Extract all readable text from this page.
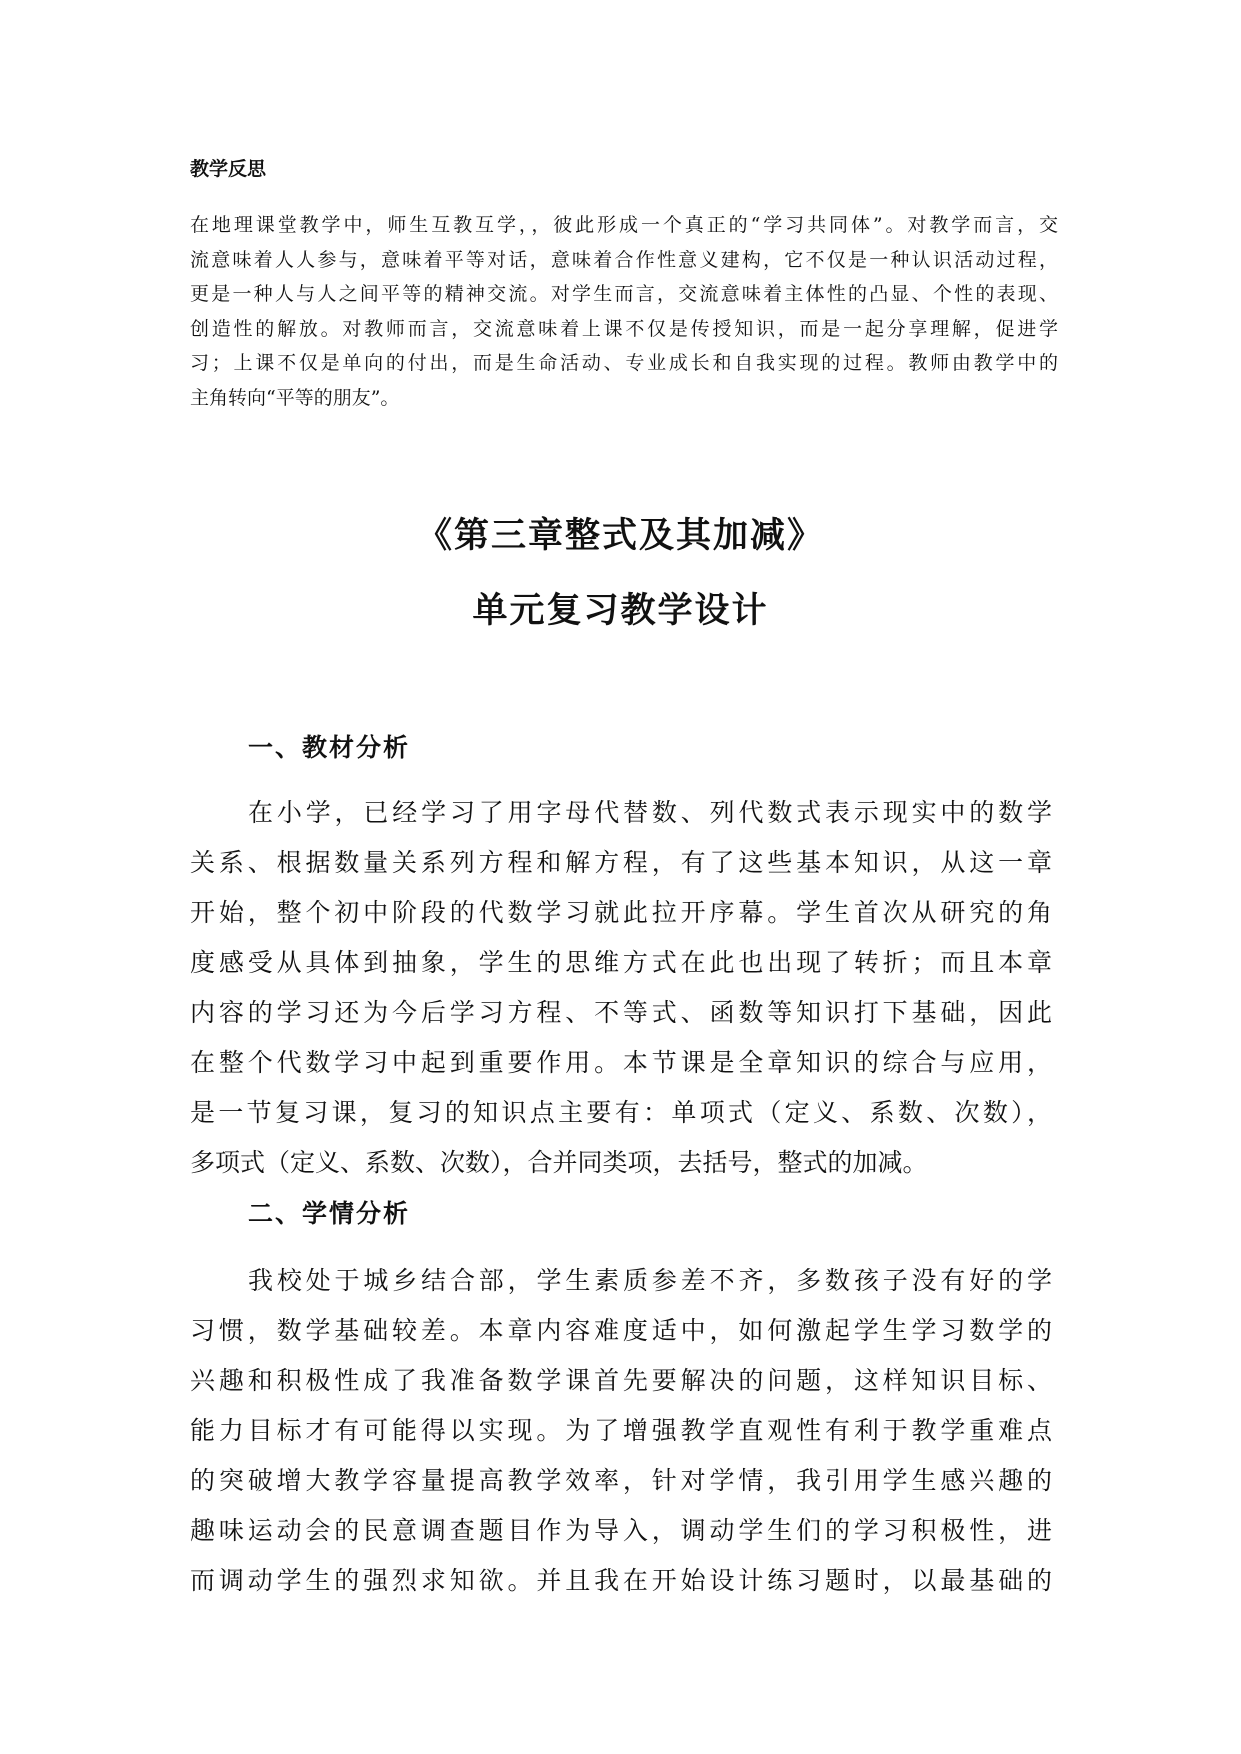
教学反思
在地理课堂教学中，师生互教互学，，彼此形成一个真正的“学习共同体”。对教学而言，交
流意味着人人参与，意味着平等对话，意味着合作性意义建构，它不仅是一种认识活动过程，
更是一种人与人之间平等的精神交流。对学生而言，交流意味着主体性的凸显、个性的表现、
创造性的解放。对教师而言，交流意味着上课不仅是传授知识，而是一起分享理解，促进学
习；上课不仅是单向的付出，而是生命活动、专业成长和自我实现的过程。教师由教学中的
主角转向“平等的朋友”。
《第三章整式及其加减》
单元复习教学设计
一、教材分析
在小学，已经学习了用字母代替数、列代数式表示现实中的数学
关系、根据数量关系列方程和解方程，有了这些基本知识，从这一章
开始，整个初中阶段的代数学习就此拉开序幕。学生首次从研究的角
度感受从具体到抽象，学生的思维方式在此也出现了转折；而且本章
内容的学习还为今后学习方程、不等式、函数等知识打下基础，因此
在整个代数学习中起到重要作用。本节课是全章知识的综合与应用，
是一节复习课，复习的知识点主要有：单项式（定义、系数、次数），
多项式（定义、系数、次数），合并同类项，去括号，整式的加减。
二、学情分析
我校处于城乡结合部，学生素质参差不齐，多数孩子没有好的学
习惯，数学基础较差。本章内容难度适中，如何激起学生学习数学的
兴趣和积极性成了我准备数学课首先要解决的问题，这样知识目标、
能力目标才有可能得以实现。为了增强教学直观性有利于教学重难点
的突破增大教学容量提高教学效率，针对学情，我引用学生感兴趣的
趣味运动会的民意调查题目作为导入，调动学生们的学习积极性，进
而调动学生的强烈求知欲。并且我在开始设计练习题时，以最基础的
